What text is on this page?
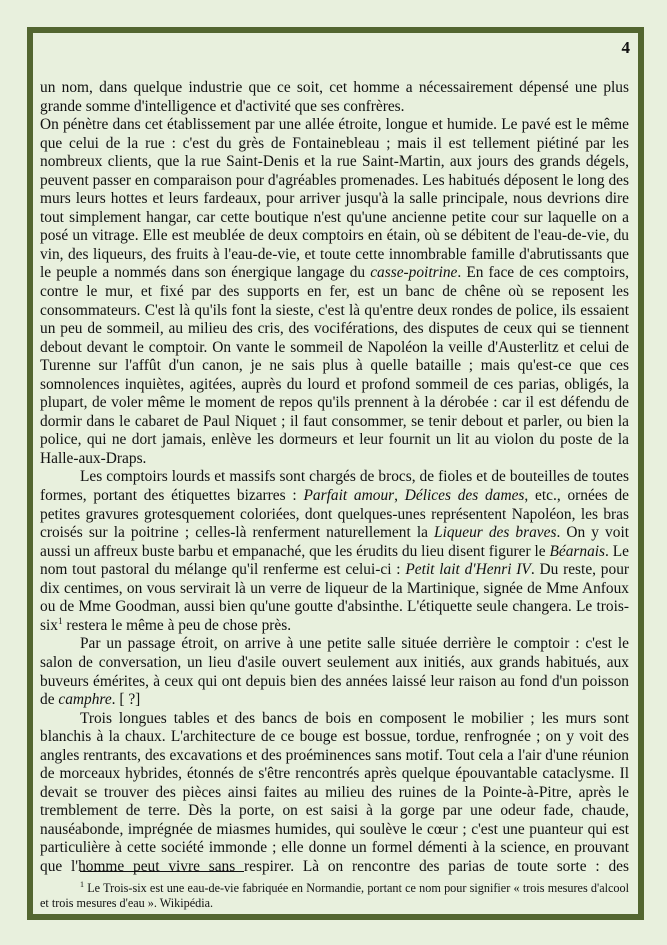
4

un nom, dans quelque industrie que ce soit, cet homme a nécessairement dépensé une plus grande somme d'intelligence et d'activité que ses confrères.

On pénètre dans cet établissement par une allée étroite, longue et humide. Le pavé est le même que celui de la rue : c'est du grès de Fontainebleau ; mais il est tellement piétiné par les nombreux clients, que la rue Saint-Denis et la rue Saint-Martin, aux jours des grands dégels, peuvent passer en comparaison pour d'agréables promenades. Les habitués déposent le long des murs leurs hottes et leurs fardeaux, pour arriver jusqu'à la salle principale, nous devrions dire tout simplement hangar, car cette boutique n'est qu'une ancienne petite cour sur laquelle on a posé un vitrage. Elle est meublée de deux comptoirs en étain, où se débitent de l'eau-de-vie, du vin, des liqueurs, des fruits à l'eau-de-vie, et toute cette innombrable famille d'abrutissants que le peuple a nommés dans son énergique langage du casse-poitrine. En face de ces comptoirs, contre le mur, et fixé par des supports en fer, est un banc de chêne où se reposent les consommateurs. C'est là qu'ils font la sieste, c'est là qu'entre deux rondes de police, ils essaient un peu de sommeil, au milieu des cris, des vociférations, des disputes de ceux qui se tiennent debout devant le comptoir. On vante le sommeil de Napoléon la veille d'Austerlitz et celui de Turenne sur l'affût d'un canon, je ne sais plus à quelle bataille ; mais qu'est-ce que ces somnolences inquiètes, agitées, auprès du lourd et profond sommeil de ces parias, obligés, la plupart, de voler même le moment de repos qu'ils prennent à la dérobée : car il est défendu de dormir dans le cabaret de Paul Niquet ; il faut consommer, se tenir debout et parler, ou bien la police, qui ne dort jamais, enlève les dormeurs et leur fournit un lit au violon du poste de la Halle-aux-Draps.

Les comptoirs lourds et massifs sont chargés de brocs, de fioles et de bouteilles de toutes formes, portant des étiquettes bizarres : Parfait amour, Délices des dames, etc., ornées de petites gravures grotesquement coloriées, dont quelques-unes représentent Napoléon, les bras croisés sur la poitrine ; celles-là renferment naturellement la Liqueur des braves. On y voit aussi un affreux buste barbu et empanaché, que les érudits du lieu disent figurer le Béarnais. Le nom tout pastoral du mélange qu'il renferme est celui-ci : Petit lait d'Henri IV. Du reste, pour dix centimes, on vous servirait là un verre de liqueur de la Martinique, signée de Mme Anfoux ou de Mme Goodman, aussi bien qu'une goutte d'absinthe. L'étiquette seule changera. Le trois-six$^1$ restera le même à peu de chose près.

Par un passage étroit, on arrive à une petite salle située derrière le comptoir : c'est le salon de conversation, un lieu d'asile ouvert seulement aux initiés, aux grands habitués, aux buveurs émérites, à ceux qui ont depuis bien des années laissé leur raison au fond d'un poisson de camphre. [ ?]

Trois longues tables et des bancs de bois en composent le mobilier ; les murs sont blanchis à la chaux. L'architecture de ce bouge est bossue, tordue, renfrognée ; on y voit des angles rentrants, des excavations et des proéminences sans motif. Tout cela a l'air d'une réunion de morceaux hybrides, étonnés de s'être rencontrés après quelque épouvantable cataclysme. Il devait se trouver des pièces ainsi faites au milieu des ruines de la Pointe-à-Pitre, après le tremblement de terre. Dès la porte, on est saisi à la gorge par une odeur fade, chaude, nauséabonde, imprégnée de miasmes humides, qui soulève le cœur ; c'est une puanteur qui est particulière à cette société immonde ; elle donne un formel démenti à la science, en prouvant que l'homme peut vivre sans respirer. Là on rencontre des parias de toute sorte : des

$^1$ Le Trois-six est une eau-de-vie fabriquée en Normandie, portant ce nom pour signifier « trois mesures d'alcool et trois mesures d'eau ». Wikipédia.
